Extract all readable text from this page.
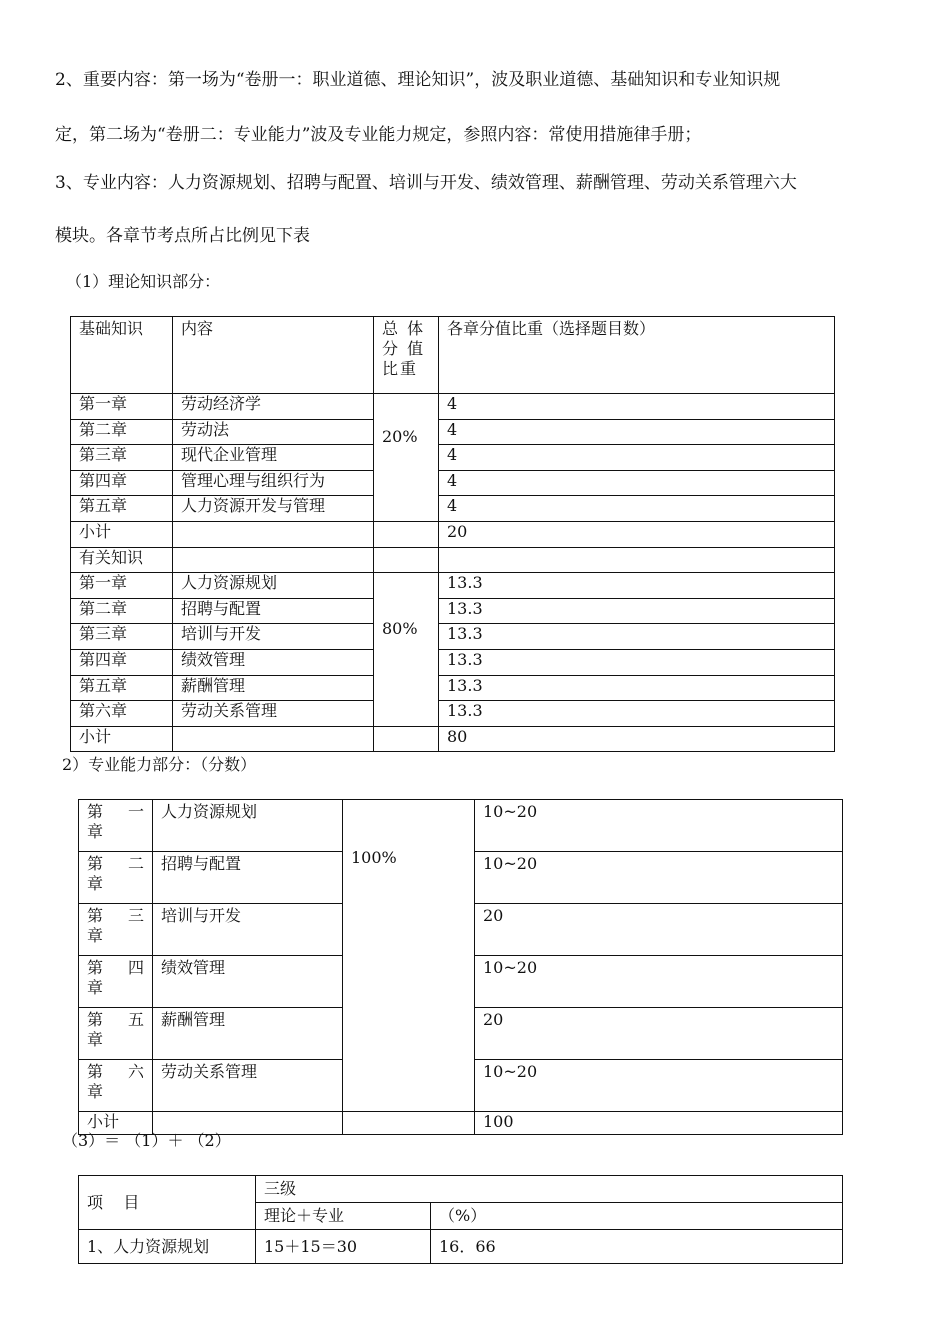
2、重要内容：第一场为“卷册一：职业道德、理论知识”，波及职业道德、基础知识和专业知识规
定，第二场为“卷册二：专业能力”波及专业能力规定，参照内容：常使用措施律手册；
3、专业内容：人力资源规划、招聘与配置、培训与开发、绩效管理、薪酬管理、劳动关系管理六大
模块。各章节考点所占比例见下表
（1）理论知识部分：
基础知识	内容	总 体 分 值 比重	各章分值比重（选择题目数）
第一章	劳动经济学	20%	4
第二章	劳动法		4
第三章	现代企业管理		4
第四章	管理心理与组织行为		4
第五章	人力资源开发与管理		4
小计			20
有关知识			
第一章	人力资源规划	80%	13.3
第二章	招聘与配置		13.3
第三章	培训与开发		13.3
第四章	绩效管理		13.3
第五章	薪酬管理		13.3
第六章	劳动关系管理		13.3
小计			80
2）专业能力部分：（分数）
第 一
章	人力资源规划	100%	10~20

第 二
章	招聘与配置		10~20

第 三
章	培训与开发		20

第 四
章	绩效管理		10~20

第 五
章	薪酬管理		20

第 六
章	劳动关系管理		10~20
小计			100
（3）＝ （1）＋ （2）
项    目	三级	
	理论＋专业	（%）
1、人力资源规划	15＋15＝30	16．66
